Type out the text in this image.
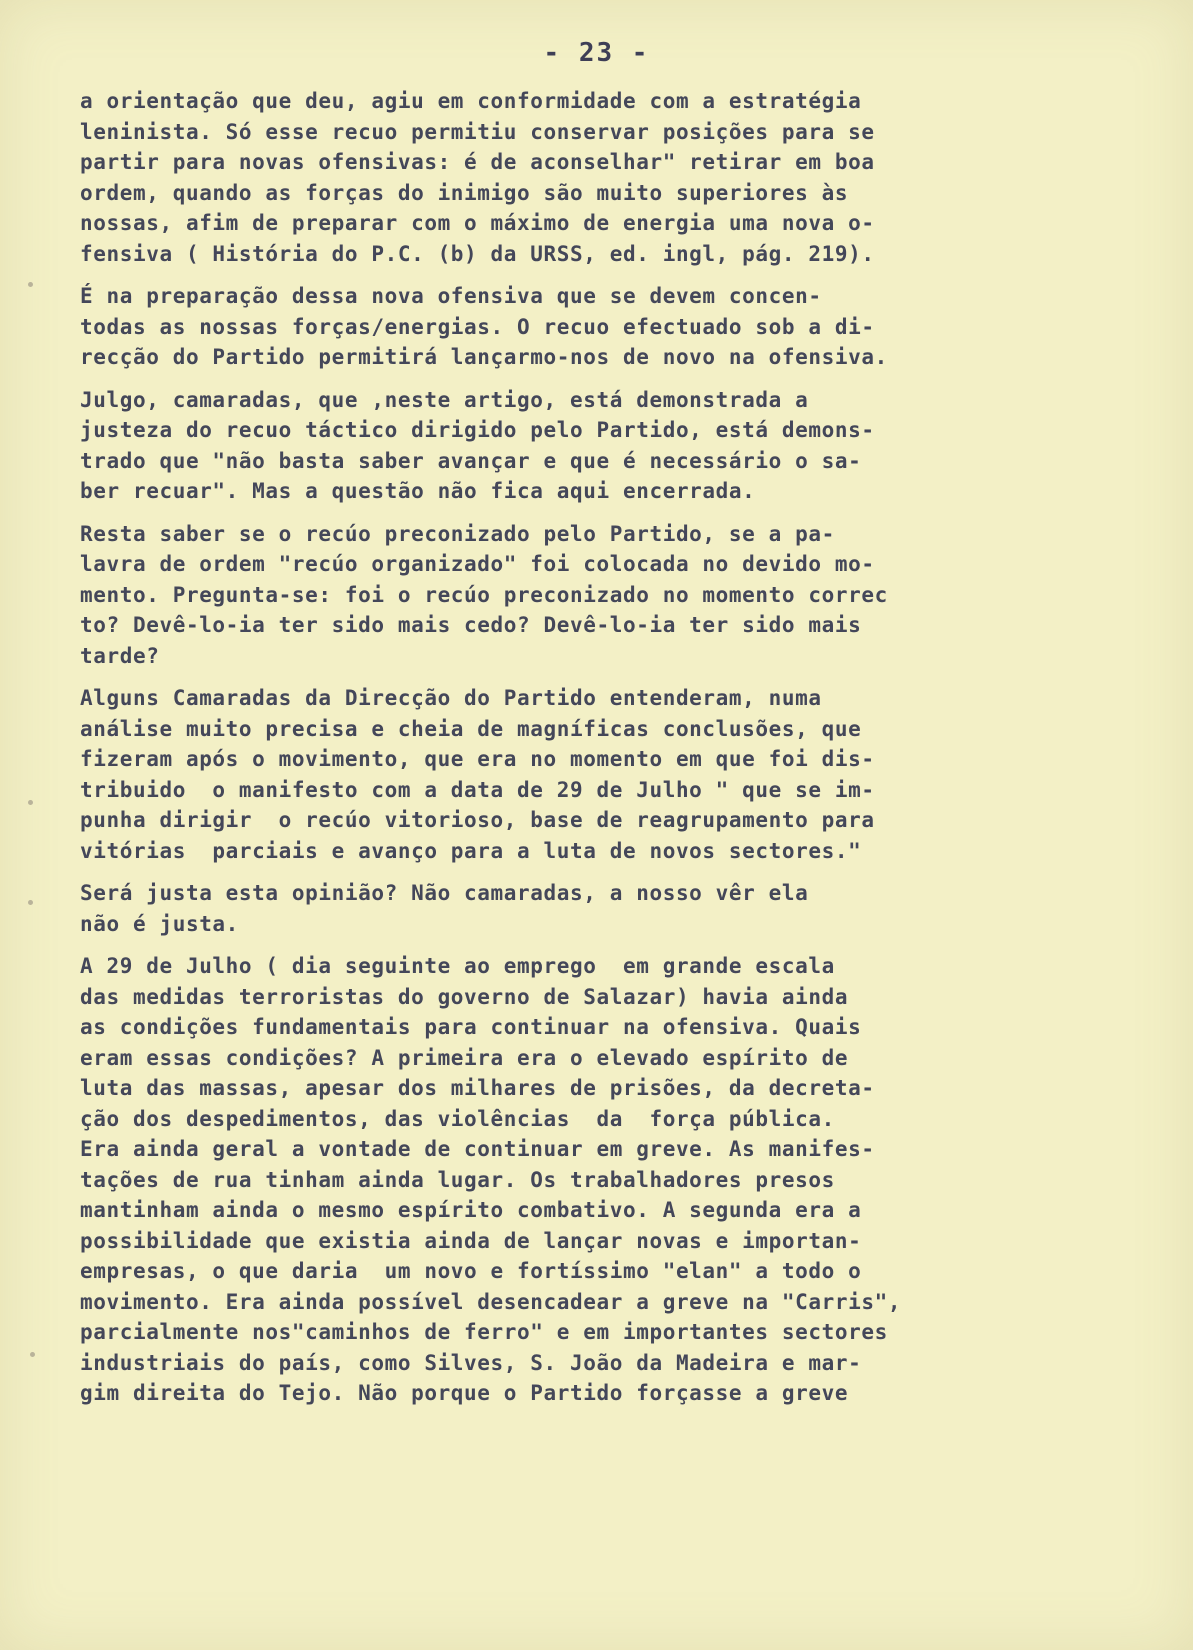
- 23 -
a orientação que deu, agiu em conformidade com a estratégia
leninista. Só esse recuo permitiu conservar posições para se
partir para novas ofensivas: é de aconselhar" retirar em boa
ordem, quando as forças do inimigo são muito superiores às
nossas, afim de preparar com o máximo de energia uma nova o-
fensiva ( História do P.C. (b) da URSS, ed. ingl, pág. 219).
É na preparação dessa nova ofensiva que se devem concen-
todas as nossas forças/energias. O recuo efectuado sob a di-
recção do Partido permitirá lançarmo-nos de novo na ofensiva.
Julgo, camaradas, que ,neste artigo, está demonstrada a
justeza do recuo táctico dirigido pelo Partido, está demons-
trado que "não basta saber avançar e que é necessário o sa-
ber recuar". Mas a questão não fica aqui encerrada.
Resta saber se o recúo preconizado pelo Partido, se a pa-
lavra de ordem "recúo organizado" foi colocada no devido mo-
mento. Pregunta-se: foi o recúo preconizado no momento correc
to? Devê-lo-ia ter sido mais cedo? Devê-lo-ia ter sido mais
tarde?
Alguns Camaradas da Direcção do Partido entenderam, numa
análise muito precisa e cheia de magníficas conclusões, que
fizeram após o movimento, que era no momento em que foi dis-
tribuido  o manifesto com a data de 29 de Julho " que se im-
punha dirigir  o recúo vitorioso, base de reagrupamento para
vitórias  parciais e avanço para a luta de novos sectores."
Será justa esta opinião? Não camaradas, a nosso vêr ela
não é justa.
A 29 de Julho ( dia seguinte ao emprego  em grande escala
das medidas terroristas do governo de Salazar) havia ainda
as condições fundamentais para continuar na ofensiva. Quais
eram essas condições? A primeira era o elevado espírito de
luta das massas, apesar dos milhares de prisões, da decreta-
ção dos despedimentos, das violências  da  força pública.
Era ainda geral a vontade de continuar em greve. As manifes-
tações de rua tinham ainda lugar. Os trabalhadores presos
mantinham ainda o mesmo espírito combativo. A segunda era a
possibilidade que existia ainda de lançar novas e importan-
empresas, o que daria  um novo e fortíssimo "elan" a todo o
movimento. Era ainda possível desencadear a greve na "Carris",
parcialmente nos"caminhos de ferro" e em importantes sectores
industriais do país, como Silves, S. João da Madeira e mar-
gim direita do Tejo. Não porque o Partido forçasse a greve
